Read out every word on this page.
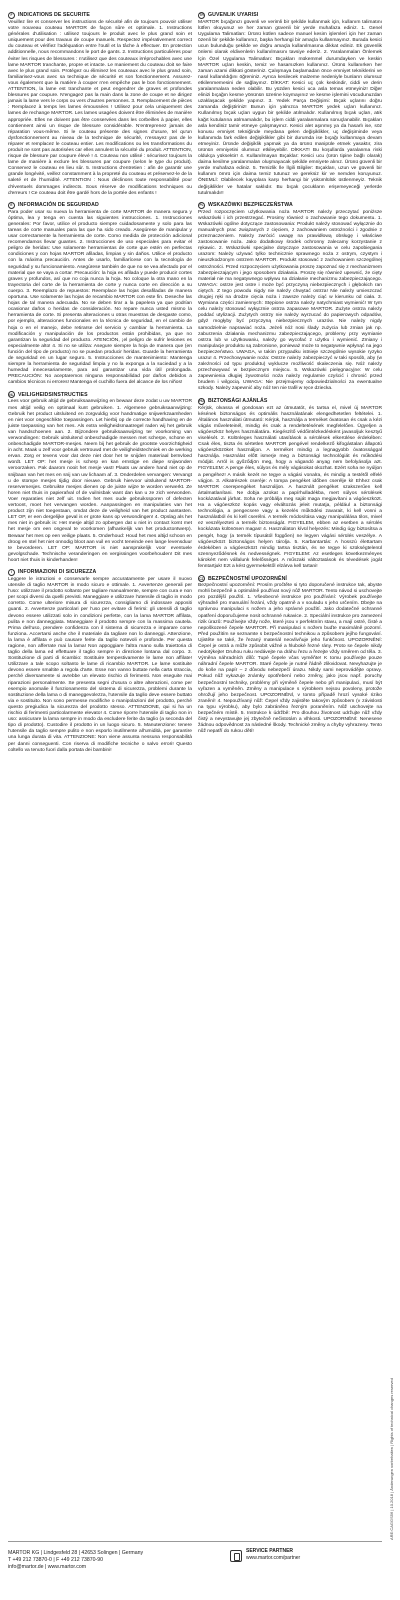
F	INDICATIONS DE SECURITE
Veuillez lire et conserver les instructions de sécurité afin de toujours pouvoir utiliser votre nouveau couteau MARTOR de façon sûre et optimale. 1. Instructions générales d'utilisation : utilisez toujours le produit avec le plus grand soin et uniquement pour des travaux de coupe manuels. Respectez impérativement correct du couteau et vérifiez l'adéquation entre l'outil et la tâche à effectuer. En protection additionnelle, nous recommandons le port de gants. 2. Instructions particulières pour éviter les risques de blessures : n'utilisez que des couteaux irréprochables avec une lame MARTOR tranchante, propre et intacte. Le maniement du couteau doit se faire avec le plus grand soin. Protégez ou éliminez les couteaux avec le plus grand soin, familiarisez-vous avec sa technique de sécurité et son fonctionnement. Assurez-vous également que la matière à couper n'en empêche pas le bon fonctionnement. ATTENTION, la lame est tranchante et peut engendrer de graves et profondes blessures par coupure. N'engagez pas la main dans la zone de coupe et ne dirigez jamais la lame vers le corps ou vers d'autres personnes. 3. Remplacement de pièces : Remplacez à temps les lames émoussées ! Utilisez pour cela uniquement des lames de rechange MARTOR. Les lames usagées doivent être éliminées de manière appropriée. Elles ne doivent pas être conservées dans les corbeilles à papier, elles contiennent ainsi un risque de blessure considérable. N'entreprenez jamais de réparation vous-même. Si le couteau présente des signes d'usure, tel qu'un dysfonctionnement au niveau de la technique de sécurité, n'essayez pas de le réparer et remplacez le couteau entier. Les modifications ou les transformations du produit ne sont pas autorisées car elles annulent la sécurité du produit. ATTENTION, risque de blessure par coupure élevé ! 4. Couteau non utilisé : sécurisez toujours la lame de manière à exclure les blessures par coupure (selon le type du produit). Conservez le couteau en lieu sûr. 5. Instructions d'entretien : afin de garantir une grande longévité, veillez constamment à la propreté du couteau et préservez-le de la saleté et de l'humidité. ATTENTION : Nous déclinons toute responsabilité pour d'éventuels dommages indirects. Sous réserve de modifications techniques ou d'erreurs ! Ce couteau doit être gardé hors de la portée des enfants !
E	INFORMACIÓN DE SEGURIDAD
Para poder usar su nueva la herramienta de corte MARTOR de manera segura y óptima, lea y tenga en cuenta las siguientes instrucciones. 1. Instrucciones generales: Por favor, utilice el producto siempre cuidadosamente y solo para las tareas de corte manuales para las que ha sido creado. Asegúrese de manipular y usar correctamente la herramienta de corte. Como medida de protección adicional recomendamos llevar guantes. 2. Instrucciones de uso especiales para evitar el peligro de heridas: Use solamente herramientas de corte que estén en perfectas condiciones y con hojas MARTOR afiladas, limpias y sin daños. Utilice el producto con la máxima precaución. Antes de usarlo, familiarícese con la tecnología de seguridad y su funcionamiento. Asegúrese también de que no se vea afectado por el material que se vaya a cortar. Precaución: la hoja es afilada y puede producir cortes graves y profundos, así que no coja nunca la hoja. No coloque la otra mano en la trayectoria del corte de la herramienta de corte y nunca corte en dirección a su cuerpo. 3. Reemplazo de repuestos: Reemplace las hojas desafiladas de manera oportuna. Use solamente las hojas de recambio MARTOR con este fin. Deseche las hojas de tal manera adecuada. No se deben tirar a la papelera ya que podrían ocasionar daños o heridas de consideración. No repare nunca usted mismo la herramienta de corte. Si presenta alteraciones u otras muestras de desgaste como, por ejemplo, alteraciones funcionales en la técnica de seguridad, en el cambio de hoja o en el manejo, debe retirarse del servicio y cambiar la herramienta. La modificación y manipulación de los productos están prohibidas, ya que no garantizan la seguridad del producto. ATENCIÓN, ¡el peligro de sufrir lesiones es especialmente alto! 4. Si no se utiliza: Asegure siempre la hoja de manera que (en función del tipo de producto) no se puedan producir heridas. Guarde la herramienta de seguridad en un lugar seguro. 5. Instrucciones de mantenimiento: Mantenga siempre la herramienta de seguridad limpia y no la exponga a la suciedad y a la humedad innecesariamente, para así garantizar una vida útil prolongada. PRECAUCIÓN: No aceptaremos ninguna responsabilidad por daños debidos a cambios técnicos ni errores! Mantenga el cuchillo fuera del alcance de los niños!
NL VEILIGHEIDSINSTRUCTIES
Lees voor gebruik altijd de gebruiksaanwijzing en bewaar deze zodat u uw MARTOR mes altijd veilig en optimaal kunt gebruiken. 1. Algemene gebruiksaanwijzing: Gebruik het product uitsluitend en zorgvuldig voor handmatige snijwerkzaamheden en niet voor ongeschikte toepassingen. Let hierbij op de correcte handhaving en de juiste toepassing van het mes. Als extra veiligheidsmaatregel raden wij het gebruik van handschoenen aan. 2. Bijzondere gebruiksaanwijzing ter voorkoming van verwondingen: Gebruik uitsluitend onbeschadigde messen met scherpe, schone en onbeschadigde MARTOR-mesjes. Neem bij het gebruik de grootste voorzichtigheid in acht. Maak u zelf voor gebruik vertrouwd met de veiligheidstechniek en de werking ervan. Zorg er tevens voor dat deze niet door het te snijden materiaal beïnvloed wordt. LET OP: het mesje is scherp en kan ernstige en diepe snijwonden veroorzaken. Pak daarom nooit het mesje vast! Plaats uw andere hand niet op de snijbaan van het mes en snij van uw lichaam af. 3. Onderdelen vervangen: Vervangt u de stompe mesjes tijdig door nieuwe. Gebruik hiervoor uitsluitend MARTOR-reservemesjes. Gebruikte mesjes dienen op de juiste wijze te worden verwerkt. Ze horen niet thuis in papierafval of de vuilnisbak want dan kan u ze zich verwonden. Voer reparaties niet zelf uit. Indien het mes oude gebruikssporen of defecten vertoont, moet het vervangen worden. Aanpassingen en manipulaties van het product zijn niet toegestaan, omdat deze de veiligheid van het product aantasten. LET OP, er een dergelijke geval is er grote kans op verwondingen! 4. Opslag als het mes niet in gebruik is: Het mesje altijd zo opbergen dat u niet in contact komt met het mesje om een ongeval te voorkomen (afhankelijk van het productontwerp). Bewaar het mes op een veilige plaats. 5. Onderhoud: Houd het mes altijd schoon en droog en stel het niet onnodig bloot aan vuil en vocht teneinde een lange levensduur te bevorderen. LET OP: MARTOR is niet aansprakelijk voor eventuele gevolgschade. Technische veranderingen en vergissingen voorbehouden! Dit mes hoort niet thuis in kinderhanden!
I	INFORMAZIONI DI SICUREZZA
Leggere le istruzioni e conservarle sempre accuratamente per usare il nuovo utensile di taglio MARTOR in modo sicuro e ottimale. 1. Avvertenze generali per l'uso: utilizzare il prodotto soltanto per tagliare manualmente, sempre con cura e non per scopi diversi da quelli previsti. Maneggiare e utilizzare l'utensile di taglio in modo corretto. Come ulteriore misura di sicurezza, consigliamo di indossare appositi guanti. 2. Avvertenze particolari per l'uso per evitare di ferirsi: gli utensili di taglio devono essere utilizzati solo in condizioni perfette, con la lama MARTOR affilata, pulita e non danneggiata. Maneggiare il prodotto sempre con la massima cautela. Prima dell'uso, prendere confidenza con il sistema di sicurezza e imparare come funziona. Accertarsi anche che il materiale da tagliare non lo danneggi. Attenzione, la lama è affilata e può causare ferite da taglio notevoli e profonde. Per questa ragione, non afferrate mai la lama! Non appoggiare l'altra mano sulla traiettoria di taglio della lama ed effettuare il taglio sempre in direzione lontana dal corpo. 3. Sostituzione di parti di ricambio: Sostituire tempestivamente le lame non affilate! Utilizzare a tale scopo soltanto le lame di ricambio MARTOR. Le lame sostituite devono essere smaltite a regola d'arte. Esse non vanno buttate nella carta straccia, perché diversamente si avrebbe un elevato rischio di ferimenti. Non eseguite mai riparazioni personalmente. Se presenta segni d'usura o altre alterazioni, come per esempio anomalie il funzionamento del sistema di sicurezza, problemi durante la sostituzione della lama o di maneggevolezza, l'utensile da taglio deve essere buttato via e sostituito. Non sono permesse modifiche o manipolazioni del prodotto, perché questo pregiudica la sicurezza del prodotto stesso. ATTENZIONE, qui si ha un rischio di ferimenti particolarmente elevato! 4. Come riporre l'utensile di taglio non in uso: assicurare la lama sempre in modo da escludere ferite da taglio (a seconda del tipo di prodotto). Custodire il prodotto in un luogo sicuro. 5. Manutenzione: tenere l'utensile da taglio sempre pulito e non esporlo inutilmente all'umidità, per garantire una lunga durata di vita. ATTENZIONE: Non viene assunta nessuna responsabilità per danni conseguenti. Con riserva di modifiche tecniche o salvo errori! Questo coltello va tenuto fuori dalla portata dei bambini!
TR GÜVENLIK UYARISI
MARTOR bıçağınızı güvenli ve verimli bir şekilde kullanmak için, kullanım talimatını lütfen okuyunuz ve her zaman güvenli bir yerde muhafaza ediniz. 1. Genel Uygulama Talimatları: Ürünü kütlen sadece manuel kesim işlemleri için her zaman özenli bir şekilde kullanınız, başka herhangi bir amaçla kullanmayınız. Burada kesici ucun bulunduğu şekilde ve doğru amaçla kullanılmasına dikkat ediniz. Ek güvenlik önlemi olarak eldivenlerin kullanılmasını tavsiye ederiz. 2. Yaralanmaları Önlemek İçin Özel Uygulama Talimatları: Bıçakları mükemmel durumdayken ve keskin MARTOR uçları keskin, temiz ve hasarsızken kullanınız. Ürünü kullanırken her zaman azami dikkati gösteriniz. Çalışmaya başlamadan önce emniyet tekniklerini ve nasıl kullanıldığını öğreniniz. Ayrıca kesilecek malzeme nedeniyle bunların olumsuz etkilenmemesini de sağlayınız. DİKKAT: Kesici uç çok keskindir, ciddi ve derin yaralanmalara neden olabilir. Bu yüzden kesici uca asla temas etmeyiniz! Diğer elinizi bıçağın kesme yönünün üzerine koymayınız ve kesme işlemini vücudunuzdan uzaklaşacak şekilde yapınız. 3. Yedek Parça Değişimi: Bıçak uçlarını doğru zamanda değiştiriniz! Bunun için yalnızca MARTOR yedek uçları kullanınız. Kullanılmış bıçak uçları uygun bir şekilde atılmalıdır. Kullanılmış bıçak uçları, atık kağıt kutularına atılmamalıdır, bu işlem ciddi yaralanmalara sonuçlanabilir. Bıçakları asla kendiniz tamir etmeye çalışmayınız. Kesici alet aşınmış ya da hasarlı ise, söz konusu emniyet tekniğinde meydana gelen değişiklikler, uç değişiminde veya kullanımda fark edilen değişiklikler gibi bir durumda ise bıçağı kullanmaya devam etmeyiniz. Üründe değişiklik yapmak ya da ürünü manipüle etmek yasaktır, zira ürünün emniyetini olumsuz etkileyebilir. DİKKAT! Bu koşullarda yaralanma riski oldukça yüksektir! 4. Kullanılmayan Bıçaklar: Kesici ucu (ürün tipine bağlı olarak) daima kesilme yaralanmaları oluşmayacak şekilde emniyete alınız. Ürünü güvenli bir yerde muhafaza ediniz. 5. Temizlik İle İlgili Bilgiler: Bıçakları, uzun ve güvenli bir kullanım ömrü için daima temiz tutunuz ve gereksiz kir ve nemden koruyunuz. ÖNEMLİ: Olabilecek kayıplara karşı herhangi bir yükümlülük üstlenmeyiz. Teknik değişiklikler ve hatalar saklıdır. Bu bıçak çocukların erişemeyeceği yerlerde tutulmalıdır!
PL WSKAZÓWKI BEZPIECZEŃSTWA
Przed rozpoczęciem użytkowania noża MARTOR należy przeczytać poniższe wskazówki i ich przestrzegać. Prosimy również o zachowanie tego dokumentu. 1. Wskazówki ogólne dotyczące zastosowania: Produkt należy stosować wyłącznie do manualnych prac związanych z cięciem, z zachowaniem ostrożności i zgodnie z przeznaczeniem. Należy zwrócić uwagę na prawidłową obsługę i właściwe zastosowanie noża. Jako dodatkowy środek ochronny zalecamy korzystanie z rękawic. 2. Wskazówki specjalne dotyczące zastosowania w celu zapobiegania urazom: Należy używać tylko technicznie sprawnego noża z ostrym, czystym i nieuszkodzonym ostrzem MARTOR. Produkt stosować z zachowaniem szczególnej ostrożności. Przed rozpoczęciem użytkowania proszę zapoznać się z mechanizmem zabezpieczającym i jego sposobem działania. Proszę się również upewnić, że cięty materiał nie ma negatywnego wpływu na działanie mechanizmu zabezpieczającego. UWAGA: ostrze jest ostre i może być przyczyną niebezpiecznych i głębokich ran ciętych. Z tego powodu nigdy nie należy chwytać ostrza! Nie należy umieszczać drugiej ręki na drodze cięcia noża i zawsze należy ciąć w kierunku od ciała. 3. Wymiana części zamiennych: Stępione ostrza należy natychmiast wymienić! W tym celu należy stosować wyłącznie ostrza zapasowe MARTOR. Zużyte ostrza należy poddać utylizacji. Zużytych ostrzy nie należy wyrzucać do papierowych odpadów, gdyż mogłyby być przyczyną niebezpiecznych urazów. Nie należy nigdy samodzielnie naprawiać noża. Jeżeli nóż nosi ślady zużycia lub zmian jak np. zaburzenia działania mechanizmu zabezpieczającego, problemy przy wymianie ostrza lub w użytkowaniu, należy go wycofać z użytku i wymienić. Zmiany i manipulacje produktu są zabronione, ponieważ może to negatywnie wpłynąć na jego bezpieczeństwo. UWAGA, w takim przypadku istnieje szczególnie wysokie ryzyko urazu! 4. Przechowywanie noża: Ostrze należy zabezpieczyć w taki sposób, aby (w zależności od typu produktu) wyklucze możliwość skaleczenia się. Nóż należy przechowywać w bezpiecznym miejscu. 5. Wskazówki pielęgnacyjne: W celu zapewnienia długiej żywotności noża należy regularnie czyścić i chronić przed brudem i wilgocią. UWAGA: Nie przejmujemy odpowiedzialności za ewentualne szkody. Należy zapewnić aby nóż ten nie trafił w ręce dziecka.
HU BIZTONSÁGI AJÁNLÁS
Kérjük, olvassa el gondosan ezt az útmutatót, és tartsa el, mivel új MARTOR késének biztonságos és optimális használatának elengedhetetlen feltételei. 1. Általános használati útmutató: Kérjük, használja a terméket óvatosan és csak a kézi vágás műveleteinél, mindig és csak a rendeltetésének megfelelően. Ügyeljen a vágóeszköz helyes használatára. Kiegészítő védőintézkedésként javasoljuk kesztyű viselését. 2. Különleges használati utasítások a sérülések elkerülése érdekében: Csak éles, tiszta és sértetlen MARTOR pengével rendelkező kifogástalan állapotú vágóeszközöket használjon. A terméket mindig a legnagyobb óvatossággal használja. Használat előtt ismerje meg a biztonsági technológiát és működési módját. Arról is győződjön meg, hogy a vágandó anyag nem befolyásolja azt. FIGYELEM: A penge éles, súlyos és mély vágásokat okozhat. Ezért soha ne nyúljon a pengéhez! A másik kezét ne tegye a vágási vonalra, és mindig a testétől elfelé vágjon. 3. Alkatrészek cseréje: A tompa pengéket időben cserélje ki! Ehhez csak MARTOR cserepengéket használjon. A használt pengéket szakszerűen kell ártalmatlanítani. Ne dobja azokat a papírhulladékba, mert súlyos sérülések kockázatával járhat. Soha ne próbálja meg saját maga megjavítani a vágóeszközt. Ha a vágóeszköz kopás vagy elváltozás jeleit mutatja, például a biztonsági technológia, a pengecsere vagy a kezelés működési zavarait, ki kell vonni a használatból és ki kell cserélni. A termék módosítása vagy manipulálása tilos, mivel ez veszélyezteti a termék biztonságát. FIGYELEM, ebben az esetben a sérülés kockázata különösen magas! 4. Használaton kívül helyezés: Mindig úgy biztosítsa a pengét, hogy (a termék típusától függően) ne legyen vágási sérülés veszélye. A vágóeszközt biztonságos helyen tárolja. 5. Karbantartás: A hosszú élettartam érdekében a vágóeszközt mindig tartsa tisztán, és ne tegye ki szükségtelenül szennyeződésnek és nedvességnek. FIGYELEM: Az esetleges következményes károkért nem vállalunk felelősséget. A műszaki változtatások és tévedések jogát fenntartjuk! Ezt a kést gyermekektől elzárva kell tartani!
CZ BEZPEČNOSTNÍ UPOZORNĚNÍ
Bezpečnostní upozornění: Prosím pročtěte si tyto doporučené instrukce tak, abyste mohli bezpečně a optimálně používat nový nůž MARTOR. Tento návod si uschovejte pro pozdější použití. 1. Všeobecné instrukce pro používání: Výrobek používejte výhradně pro manuální řezání, vždy opatrně a v souladu s jeho určením. Dbejte na správnou manipulaci s nožem a jeho správné použití. Jako dodatečné ochranné opatření doporučujeme nosit ochranné rukavice. 2. Speciální instrukce pro zamezení rizik úrazů: Používejte vždy nože, které jsou v perfektním stavu, a mají ostré, čisté a nepoškozené čepele MARTOR. Při manipulaci s nožem buďte maximálně pozorní. Před použitím se seznamte s bezpečnostní technikou a způsobem jejího fungování. Ujistěte se také, že řezaný materiál neovlivňuje jeho funkčnost. UPOZORNĚNÍ: Čepel je ostrá a může způsobit vážné a hluboké řezné rány. Proto se čepele nikdy nedotýkejte! Druhou ruku nedávejte na dráhu řezu a řezejte vždy směrem od těla. 3. Výměna náhradních dílů: Tupé čepele včas vyměňte! K tomu používejte pouze náhradní čepele MARTOR. Staré čepele je nutné řádně zlikvidovat. Nevyhazujte je do koše na papír – z důvodu nebezpečí úrazu. Nikdy sami neprovádějte opravy. Pokud nůž vykazuje známky opotřebení nebo změny, jako jsou např. poruchy bezpečnostní techniky, problémy při výměně čepele nebo při manipulaci, musí být vyřazen a vyměněn. Změny a manipulace s výrobkem nejsou povoleny, protože ohrožují jeho bezpečnost. UPOZORNĚNÍ, v tomto případě hrozí vysoké riziko zranění! 4. Nepoužívaný nůž: Čepel vždy zajistěte takovým způsobem (v závislosti na typu výrobku), aby bylo zabráněno řezným poraněním. Nůž uschovejte na bezpečném místě. 5. Instrukce k údržbě: Pro dlouhou životnost udržujte nůž vždy čistý a nevystavujte jej zbytečně nečistotám a vlhkosti. UPOZORNĚNÍ: Nenesene žádnou odpovědnost za následné škody. Technické změny a chyby vyhrazeny. Tento nůž nepatří do rukou dětí!
MARTOR KG | Lindgesfeld 28 | 42653 Solingen | Germany
T +49 212 73870-0 | F +49 212 73870-90
info@martor.de | www.martor.com
SERVICE PARTNER
www.martor.com/partner
ARE:CAGGS56 | 10.2018 | Änderungen vorbehalten | Rights of technical changes reserved
